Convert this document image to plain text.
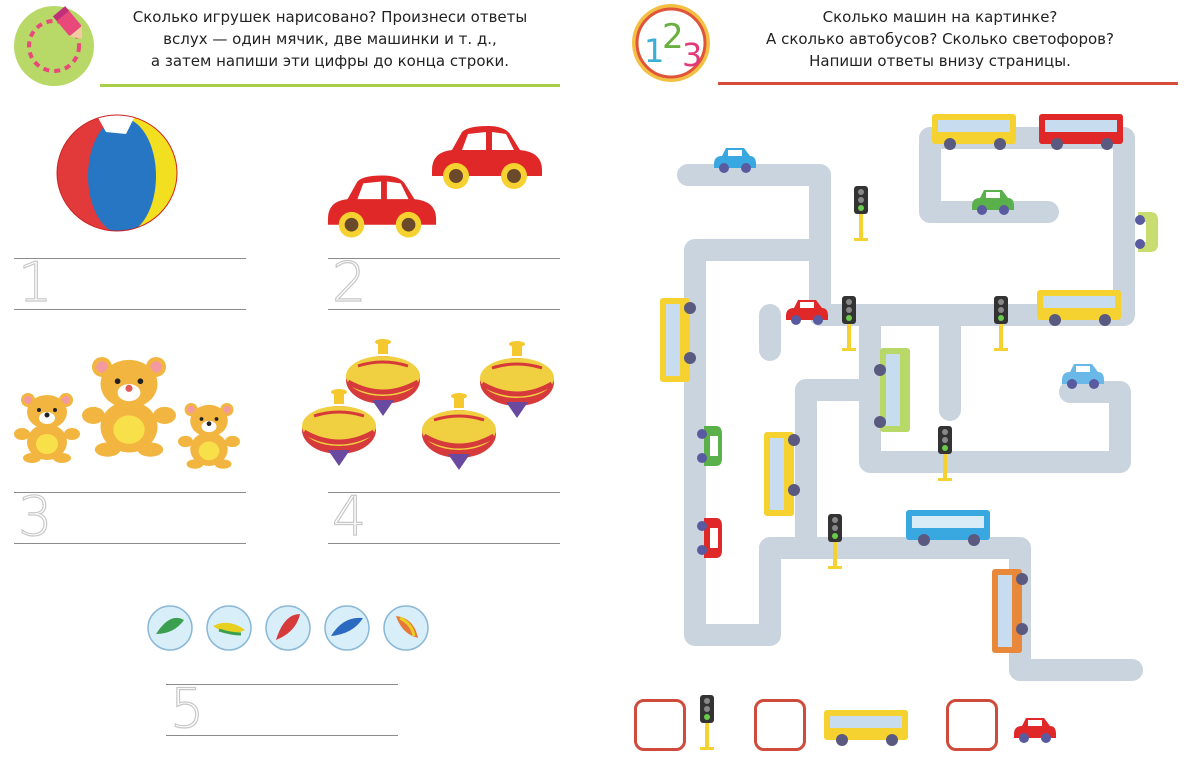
Сколько игрушек нарисовано? Произнеси ответы
вслух — один мячик, две машинки и т. д.,
а затем напиши эти цифры до конца строки.
1	2
3	4
5
1
2
3
Сколько машин на картинке?
А сколько автобусов? Сколько светофоров?
Напиши ответы внизу страницы.
